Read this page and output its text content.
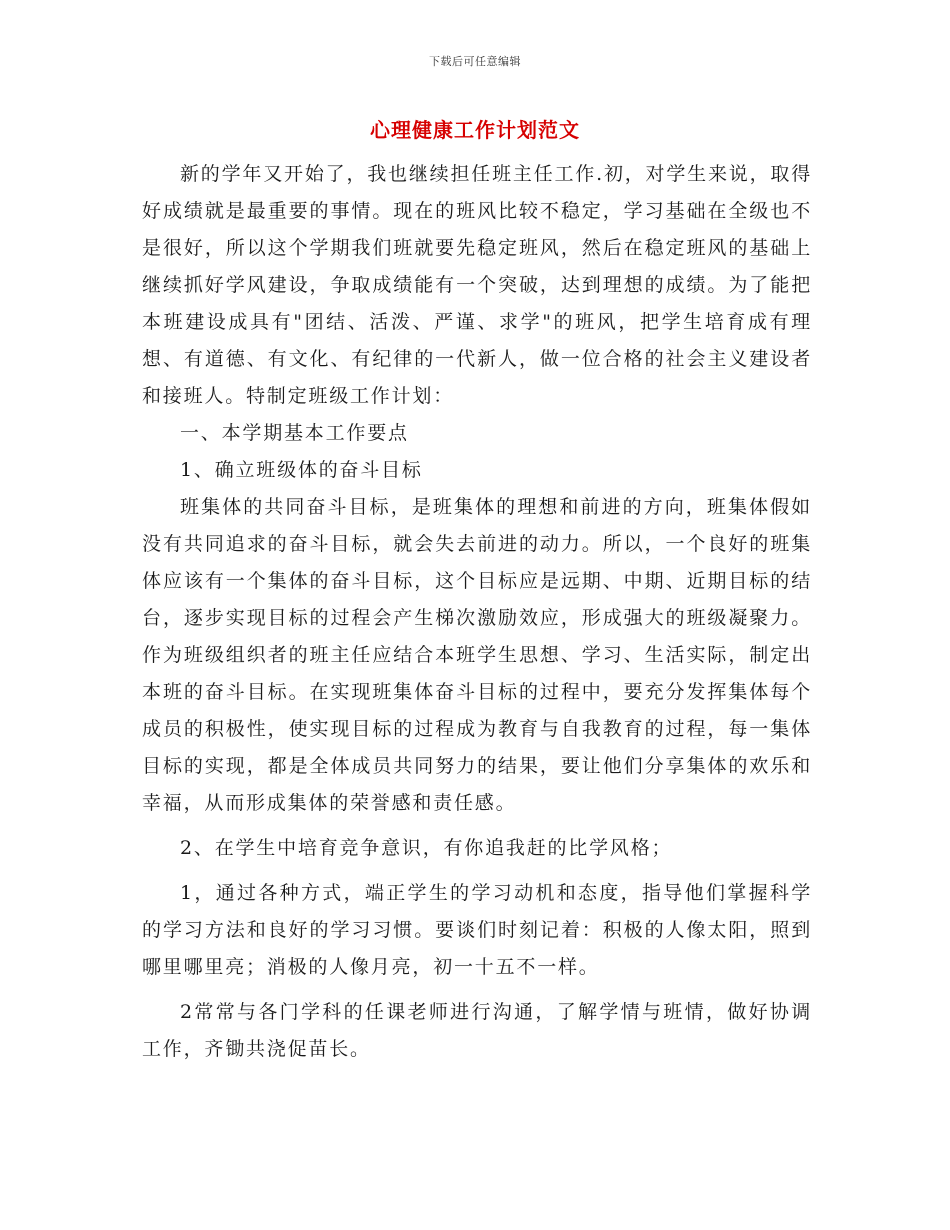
下载后可任意编辑
心理健康工作计划范文

新的学年又开始了，我也继续担任班主任工作.初，对学生来说，取得好成绩就是最重要的事情。现在的班风比较不稳定，学习基础在全级也不是很好，所以这个学期我们班就要先稳定班风，然后在稳定班风的基础上继续抓好学风建设，争取成绩能有一个突破，达到理想的成绩。为了能把本班建设成具有"团结、活泼、严谨、求学"的班风，把学生培育成有理想、有道德、有文化、有纪律的一代新人，做一位合格的社会主义建设者和接班人。特制定班级工作计划：

一、本学期基本工作要点

1、确立班级体的奋斗目标

班集体的共同奋斗目标，是班集体的理想和前进的方向，班集体假如没有共同追求的奋斗目标，就会失去前进的动力。所以，一个良好的班集体应该有一个集体的奋斗目标，这个目标应是远期、中期、近期目标的结台，逐步实现目标的过程会产生梯次激励效应，形成强大的班级凝聚力。作为班级组织者的班主任应结合本班学生思想、学习、生活实际，制定出本班的奋斗目标。在实现班集体奋斗目标的过程中，要充分发挥集体每个成员的积极性，使实现目标的过程成为教育与自我教育的过程，每一集体目标的实现，都是全体成员共同努力的结果，要让他们分享集体的欢乐和幸福，从而形成集体的荣誉感和责任感。

2、在学生中培育竞争意识，有你追我赶的比学风格；

1，通过各种方式，端正学生的学习动机和态度，指导他们掌握科学的学习方法和良好的学习习惯。要谈们时刻记着：积极的人像太阳，照到哪里哪里亮；消极的人像月亮，初一十五不一样。

2常常与各门学科的任课老师进行沟通，了解学情与班情，做好协调工作，齐锄共浇促苗长。
